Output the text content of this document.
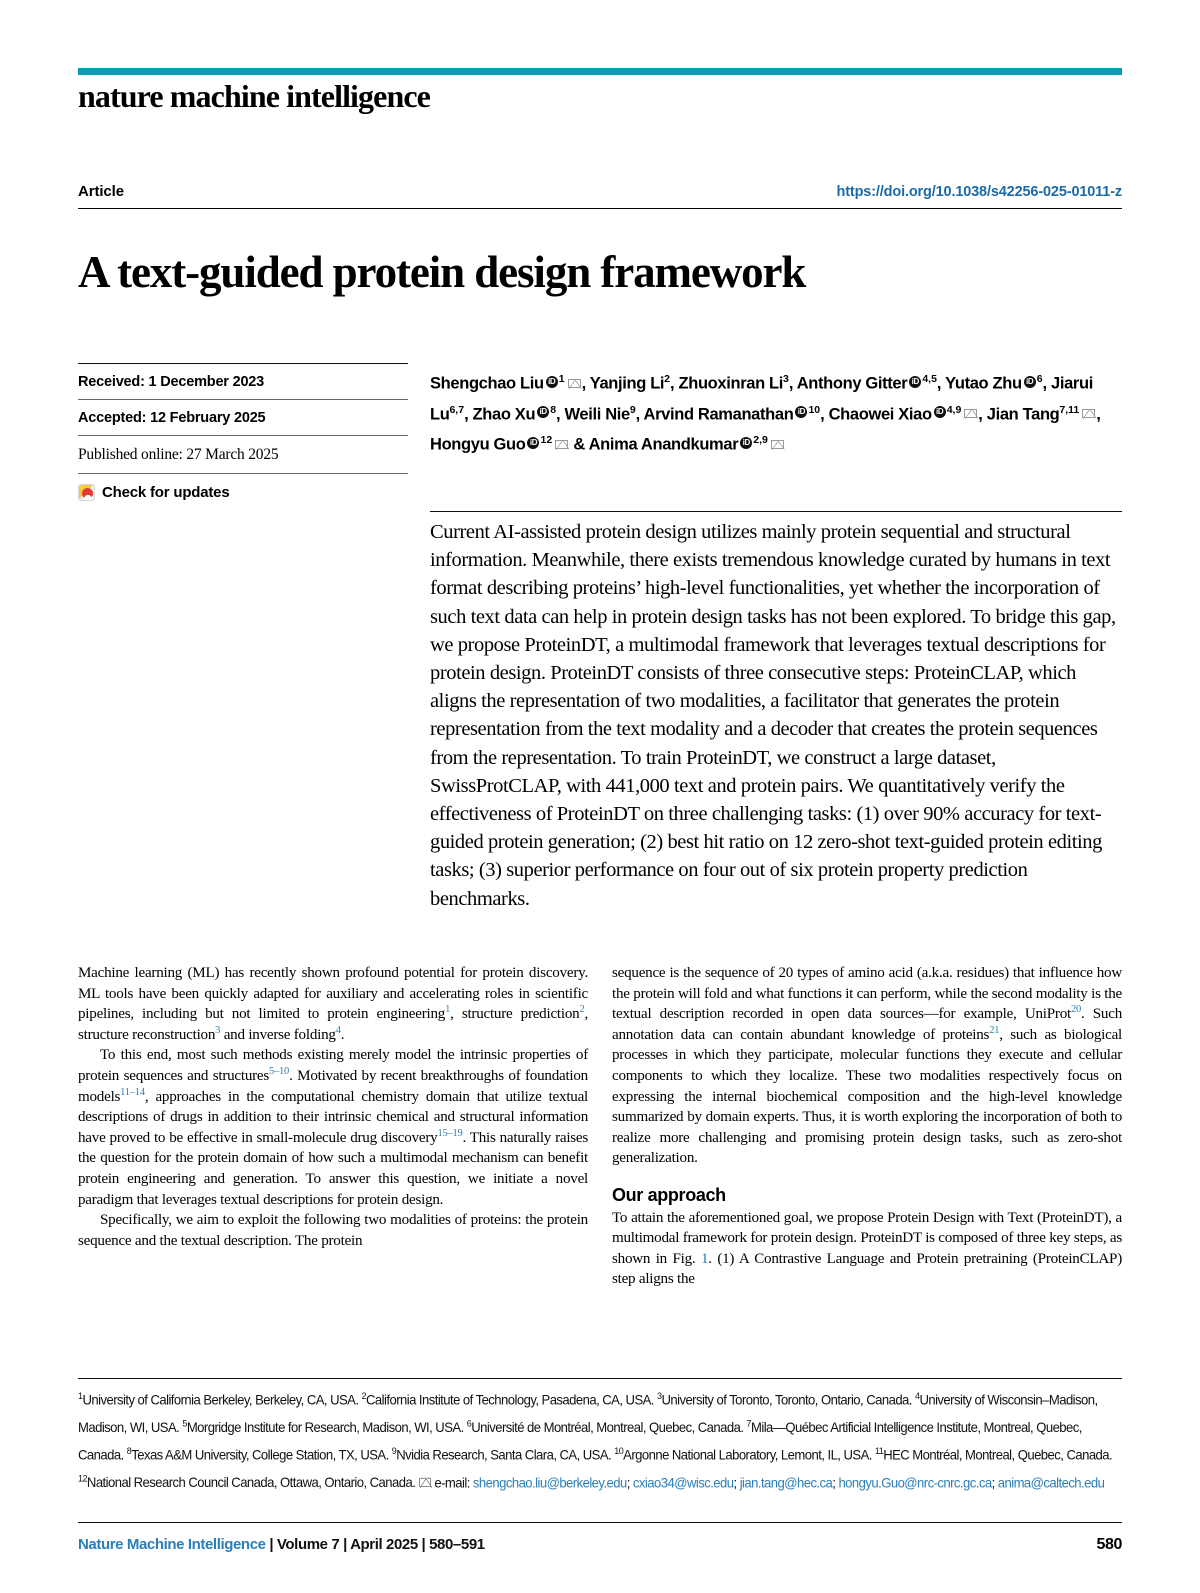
nature machine intelligence
Article	https://doi.org/10.1038/s42256-025-01011-z
A text-guided protein design framework
Received: 1 December 2023
Accepted: 12 February 2025
Published online: 27 March 2025
Check for updates
Shengchao Liu iD $^1$ , Yanjing Li$^2$, Zhuoxinran Li$^3$, Anthony Gitter iD $^{4,5}$, Yutao Zhu iD $^6$, Jiarui Lu$^{6,7}$, Zhao Xu iD $^8$, Weili Nie$^9$, Arvind Ramanathan iD $^{10}$, Chaowei Xiao iD $^{4,9}$ , Jian Tang$^{7,11}$ , Hongyu Guo iD $^{12}$ & Anima Anandkumar iD $^{2,9}$
Current AI-assisted protein design utilizes mainly protein sequential and structural information. Meanwhile, there exists tremendous knowledge curated by humans in text format describing proteins’ high-level functionalities, yet whether the incorporation of such text data can help in protein design tasks has not been explored. To bridge this gap, we propose ProteinDT, a multimodal framework that leverages textual descriptions for protein design. ProteinDT consists of three consecutive steps: ProteinCLAP, which aligns the representation of two modalities, a facilitator that generates the protein representation from the text modality and a decoder that creates the protein sequences from the representation. To train ProteinDT, we construct a large dataset, SwissProtCLAP, with 441,000 text and protein pairs. We quantitatively verify the effectiveness of ProteinDT on three challenging tasks: (1) over 90% accuracy for text-guided protein generation; (2) best hit ratio on 12 zero-shot text-guided protein editing tasks; (3) superior performance on four out of six protein property prediction benchmarks.

Machine learning (ML) has recently shown profound potential for protein discovery. ML tools have been quickly adapted for auxiliary and accelerating roles in scientific pipelines, including but not limited to protein engineering$^1$, structure prediction$^2$, structure reconstruction$^3$ and inverse folding$^4$.

To this end, most such methods existing merely model the intrinsic properties of protein sequences and structures$^{5-10}$. Motivated by recent breakthroughs of foundation models$^{11-14}$, approaches in the computational chemistry domain that utilize textual descriptions of drugs in addition to their intrinsic chemical and structural information have proved to be effective in small-molecule drug discovery$^{15-19}$. This naturally raises the question for the protein domain of how such a multimodal mechanism can benefit protein engineering and generation. To answer this question, we initiate a novel paradigm that leverages textual descriptions for protein design.

Specifically, we aim to exploit the following two modalities of proteins: the protein sequence and the textual description. The protein

sequence is the sequence of 20 types of amino acid (a.k.a. residues) that influence how the protein will fold and what functions it can perform, while the second modality is the textual description recorded in open data sources—for example, UniProt$^{20}$. Such annotation data can contain abundant knowledge of proteins$^{21}$, such as biological processes in which they participate, molecular functions they execute and cellular components to which they localize. These two modalities respectively focus on expressing the internal biochemical composition and the high-level knowledge summarized by domain experts. Thus, it is worth exploring the incorporation of both to realize more challenging and promising protein design tasks, such as zero-shot generalization.

Our approach

To attain the aforementioned goal, we propose Protein Design with Text (ProteinDT), a multimodal framework for protein design. ProteinDT is composed of three key steps, as shown in Fig. 1. (1) A Contrastive Language and Protein pretraining (ProteinCLAP) step aligns the

$^1$University of California Berkeley, Berkeley, CA, USA. $^2$California Institute of Technology, Pasadena, CA, USA. $^3$University of Toronto, Toronto, Ontario, Canada. $^4$University of Wisconsin–Madison, Madison, WI, USA. $^5$Morgridge Institute for Research, Madison, WI, USA. $^6$Université de Montréal, Montreal, Quebec, Canada. $^7$Mila—Québec Artificial Intelligence Institute, Montreal, Quebec, Canada. $^8$Texas A&M University, College Station, TX, USA. $^9$Nvidia Research, Santa Clara, CA, USA. $^{10}$Argonne National Laboratory, Lemont, IL, USA. $^{11}$HEC Montréal, Montreal, Quebec, Canada. $^{12}$National Research Council Canada, Ottawa, Ontario, Canada. e-mail: shengchao.liu@berkeley.edu; cxiao34@wisc.edu; jian.tang@hec.ca; hongyu.Guo@nrc-cnrc.gc.ca; anima@caltech.edu
Nature Machine Intelligence | Volume 7 | April 2025 | 580–591	580
